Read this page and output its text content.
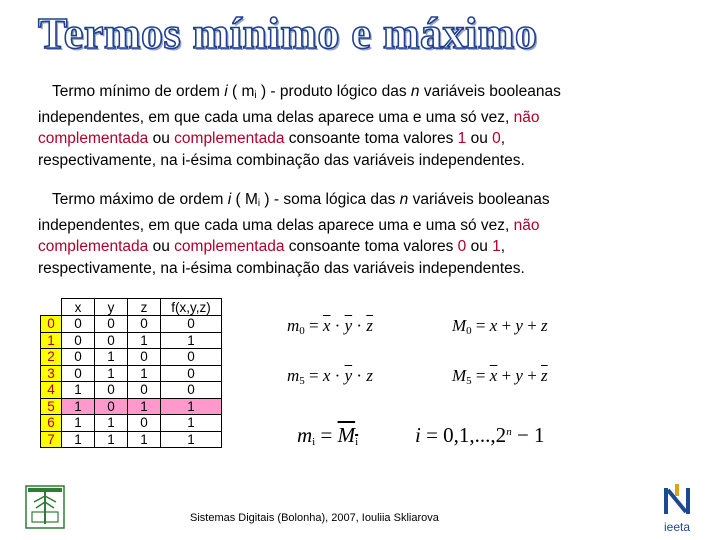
Termos mínimo e máximo
Termo mínimo de ordem i ( $m_i$ ) - produto lógico das n variáveis booleanas
independentes, em que cada uma delas aparece uma e uma só vez, não
complementada ou complementada consoante toma valores 1 ou 0,
respectivamente, na i-ésima combinação das variáveis independentes.
Termo máximo de ordem i ( $M_i$ ) - soma lógica das n variáveis booleanas
independentes, em que cada uma delas aparece uma e uma só vez, não
complementada ou complementada consoante toma valores 0 ou 1,
respectivamente, na i-ésima combinação das variáveis independentes.
	x	y	z	f(x,y,z)
0	0	0	0	0
1	0	0	1	1
2	0	1	0	0
3	0	1	1	0
4	1	0	0	0
5	1	0	1	1
6	1	1	0	1
7	1	1	1	1
$m_0 = \overline{x} \cdot \overline{y} \cdot \overline{z}$	$M_0 = x + y + z$
$m_5 = x \cdot \overline{y} \cdot z$	$M_5 = \overline{x} + y + \overline{z}$
$m_i = M_i$	$i = 0,1,...,2^n - 1$
Sistemas Digitais (Bolonha), 2007, Iouliia Skliarova
ieeta
